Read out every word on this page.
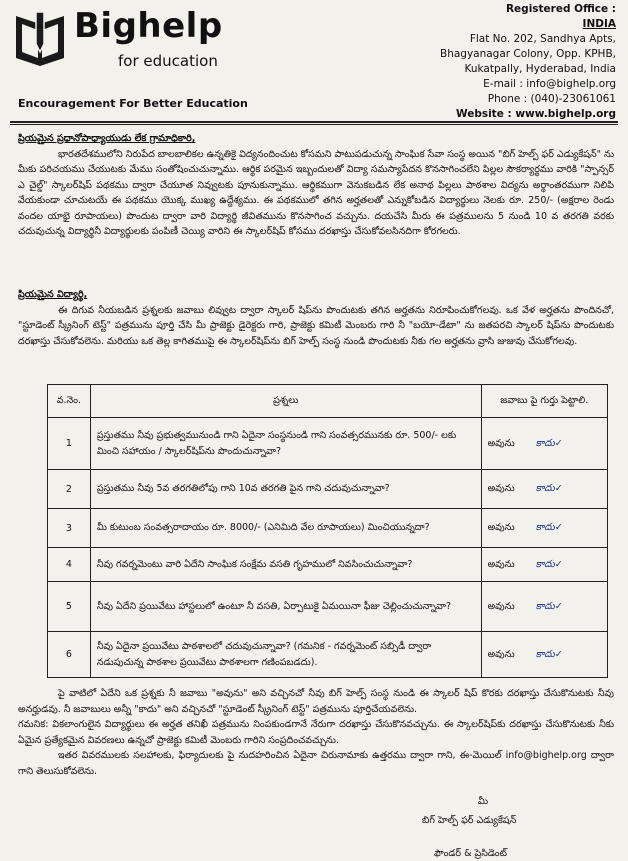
Bighelp
for education
Encouragement For Better Education
Registered Office :
INDIA
Flat No. 202, Sandhya Apts,
Bhagyanagar Colony, Opp. KPHB,
Kukatpally, Hyderabad, India
E-mail : info@bighelp.org
Phone : (040)-23061061
Website : www.bighelp.org
ప్రియమైన ప్రధానోపాధ్యాయుడు లేక గ్రామాధికారి,
భారతదేశములోని నిరుపేద బాలబాలికల ఉన్నతికై విద్యనందించుట కోసమని పాటుపడుచున్న సాంఘిక సేవా సంస్థ అయిన "బిగ్ హెల్ప్ ఫర్ ఎడ్యుకేషన్" ను మీకు పరిచయము చేయుటకు మేము సంతోషించుచున్నాము. ఆర్థిక పరమైన ఇబ్బందులతో విద్యా సమస్యాపేదన కొనసాగించలేని పిల్లల సౌకర్యార్థము వారికి "స్పాన్సర్ ఎ చైల్డ్" స్కాలర్‌షిప్ పథకము ద్వారా చేయూత నివ్వుటకు పూనుకున్నాము. ఆర్థికముగా వెనుకబడిన లేక అనాథ పిల్లలు పాఠశాల విద్యను అర్థాంతరముగా నిలిపి వేయకుండా చూచుటయే ఈ పథకము యొక్క ముఖ్య ఉద్దేశ్యము. ఈ పథకములో తగిన అర్హతలతో ఎన్నుకోబడిన విద్యార్థులు నెలకు రూ. 250/- (అక్షరాల రెండు వందల యాభై రూపాయలు) పొందుట ద్వారా వారి విద్యార్థి జీవితమును కొనసాగించ వచ్చును. దయచేసి మీరు ఈ పత్రములను 5 నుండి 10 వ తరగతి వరకు చదువుచున్న విద్యార్థినీ విద్యార్థులకు పంపిణీ చెయ్యి వారిని ఈ స్కాలర్‌షిప్ కోసము దరఖాస్తు చేసుకోవలసినదిగా కోరగలరు.
ప్రియమైన విద్యార్థి,
ఈ దిగువ నీయబడిన ప్రశ్నలకు జవాబు లివ్వుట ద్వారా స్కాలర్ షిప్‌ను పొందుటకు తగిన అర్హతను నిరూపించుకోగలవు. ఒక వేళ అర్హతను పొందినచో, "స్టూడెంట్ స్క్రీనింగ్ టెస్ట్" పత్రమును పూర్తి చేసి మీ ప్రాజెక్టు డైరెక్టరు గారి, ప్రాజెక్టు కమిటీ మెంబరు గారి నీ "బయో-డేటా" ను జతపరచి స్కాలర్ షిప్‌ను పొందుటకు దరఖాస్తు చేసుకోవలెను. మరియు ఒక తెల్ల కాగితముపై ఈ స్కాలర్‌షిప్‌ను బిగ్ హెల్ప్ సంస్థ నుండి పొందుటకు నీకు గల అర్హతను వ్రాసి జుజువు చేసుకోగలవు.
వ.నెం.	ప్రశ్నలు	జవాబు పై గుర్తు పెట్టాలి.
1	ప్రస్తుతము నీవు ప్రభుత్వమునుండి గాని ఏదైనా సంస్థనుండి గాని సంవత్సరమునకు రూ. 500/- లకు మించి సహాయం / స్కాలర్‌షిప్‌ను పొందుచున్నావా?	అవును కాదు✓
2	ప్రస్తుతము నీవు 5వ తరగతిలోపు గాని 10వ తరగతి పైన గాని చదువుచున్నావా?	అవును కాదు✓
3	మీ కుటుంబ సంవత్సరాదాయం రూ. 8000/- (ఎనిమిది వేల రూపాయలు) మించియున్నదా?	అవును కాదు✓
4	నీవు గవర్నమెంటు వారి ఏదేని సాంఘిక సంక్షేమ వసతి గృహములో నివసించుచున్నావా?	అవును కాదు✓
5	నీవు ఏదేని ప్రయివేటు హాస్టలులో ఉంటూ నీ వసతి, ఏర్పాటుకై ఏమయినా ఫీజు చెల్లించుచున్నావా?	అవును కాదు✓
6	నీవు ఏదైనా ప్రయివేటు పాఠశాలలో చదువుచున్నావా? (గమనిక - గవర్నమెంట్ సబ్సిడీ ద్వారా నడుపుచున్న పాఠశాల ప్రయివేటు పాఠశాలగా గణింపబడదు).	అవును కాదు✓
పై వాటిలో ఏదేని ఒక ప్రశ్నకు నీ జవాబు "అవును" అని వచ్చినచో నీవు బిగ్ హెల్ప్ సంస్థ నుండి ఈ స్కాలర్ షిప్ కొరకు దరఖాస్తు చేసుకొనుటకు నీవు అనర్హుడవు. నీ జవాబులు అన్నీ "కాదు" అని వచ్చినచో "స్టూడెంట్ స్క్రీనింగ్ టెస్ట్" పత్రమును పూర్తిచేయవలెను.
గమనిక: వికలాంగులైన విద్యార్థులు ఈ అర్హత తనిఖీ పత్రమును నింపకుండగానే నేరుగా దరఖాస్తు చేసుకొనవచ్చును. ఈ స్కాలర్‌షిప్‌కు దరఖాస్తు చేసుకొనుటకు నీకు ఏమైన ప్రత్యేకమైన వివరణలు ఉన్నచో ప్రాజెక్టు కమిటీ మెంబరు గారిని సంప్రదించవచ్చును.
ఇతర వివరములకు సలహాలకు, ఫిర్యాదులకు పై నుదహరించిన ఏదైనా చిరునామాకు ఉత్తరము ద్వారా గాని, ఈ-మెయిల్ info@bighelp.org ద్వారా గాని తెలుసుకోవలెను.
మీ
బిగ్ హెల్ప్ ఫర్ ఎడ్యుకేషన్
ఫౌండర్ & ప్రెసిడెంట్
